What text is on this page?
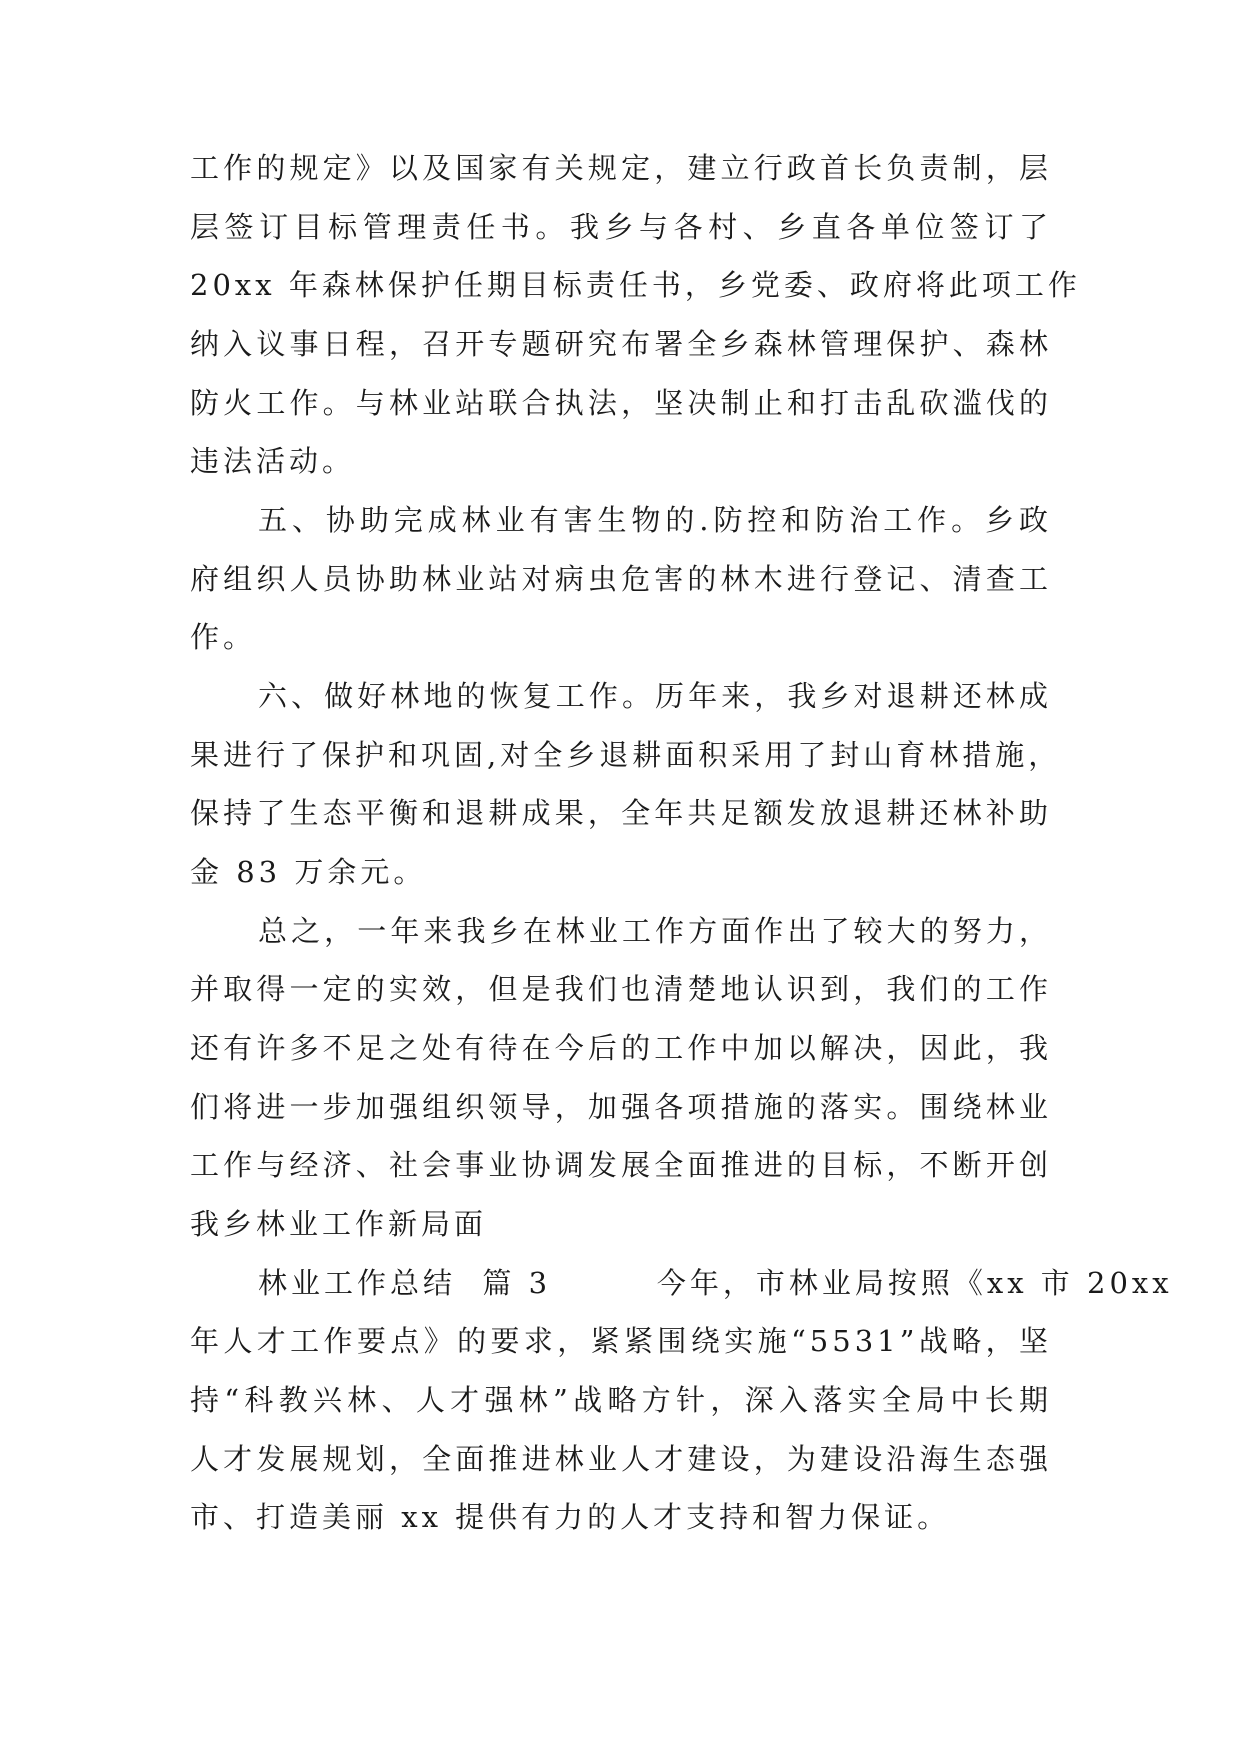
工作的规定》以及国家有关规定，建立行政首长负责制，层
层签订目标管理责任书。我乡与各村、乡直各单位签订了
20xx 年森林保护任期目标责任书，乡党委、政府将此项工作
纳入议事日程，召开专题研究布署全乡森林管理保护、森林
防火工作。与林业站联合执法，坚决制止和打击乱砍滥伐的
违法活动。
五、协助完成林业有害生物的.防控和防治工作。乡政
府组织人员协助林业站对病虫危害的林木进行登记、清查工
作。
六、做好林地的恢复工作。历年来，我乡对退耕还林成
果进行了保护和巩固,对全乡退耕面积采用了封山育林措施，
保持了生态平衡和退耕成果，全年共足额发放退耕还林补助
金 83 万余元。
总之，一年来我乡在林业工作方面作出了较大的努力，
并取得一定的实效，但是我们也清楚地认识到，我们的工作
还有许多不足之处有待在今后的工作中加以解决，因此，我
们将进一步加强组织领导，加强各项措施的落实。围绕林业
工作与经济、社会事业协调发展全面推进的目标，不断开创
我乡林业工作新局面
林业工作总结  篇 3        今年，市林业局按照《xx 市 20xx
年人才工作要点》的要求，紧紧围绕实施“5531”战略，坚
持“科教兴林、人才强林”战略方针，深入落实全局中长期
人才发展规划，全面推进林业人才建设，为建设沿海生态强
市、打造美丽 xx 提供有力的人才支持和智力保证。
